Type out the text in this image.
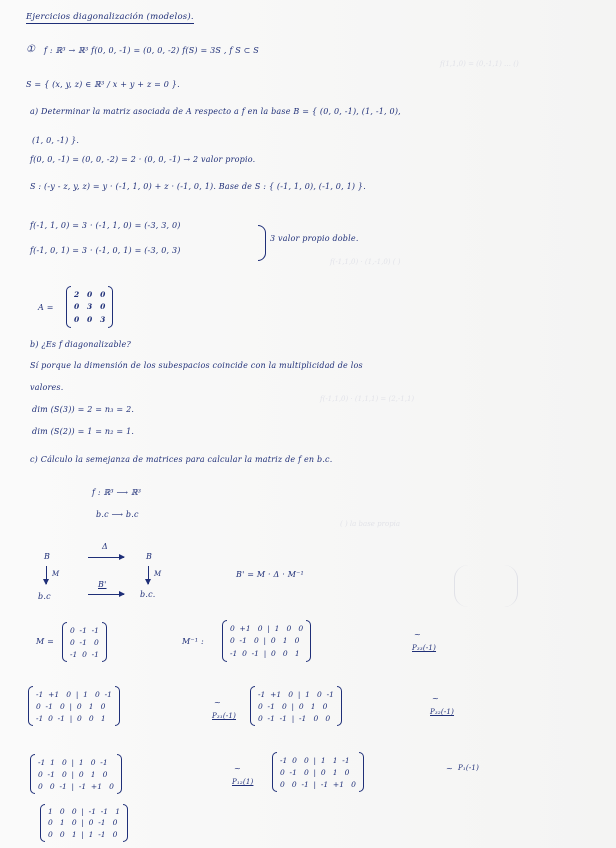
f(1,1,0) = (0,-1,1) … ()
f(-1,1,0) · (1,-1,0) ( )
f(-1,1,0) · (1,1,1) = (2,-1,1)
( ) la base propia
Ejercicios diagonalización (modelos).
① f : ℝ³ → ℝ³ f(0, 0, -1) = (0, 0, -2) f(S) = 3S , f S ⊂ S
S = { (x, y, z) ∈ ℝ³ / x + y + z = 0 }.
a) Determinar la matriz asociada de A respecto a f en la base B = { (0, 0, -1), (1, -1, 0),
(1, 0, -1) }.
f(0, 0, -1) = (0, 0, -2) = 2 · (0, 0, -1) → 2 valor propio.
S : (-y - z, y, z) = y · (-1, 1, 0) + z · (-1, 0, 1). Base de S : { (-1, 1, 0), (-1, 0, 1) }.
f(-1, 1, 0) = 3 · (-1, 1, 0) = (-3, 3, 0)
f(-1, 0, 1) = 3 · (-1, 0, 1) = (-3, 0, 3)
3 valor propio doble.
A =
2   0   0
0   3   0
0   0   3
b) ¿Es f diagonalizable?
Sí porque la dimensión de los subespacios coincide con la multiplicidad de los
valores.
dim (S(3)) = 2 = n₃ = 2.
dim (S(2)) = 1 = n₂ = 1.
c) Cálculo la semejanza de matrices para calcular la matriz de f en b.c.
f : ℝ³ ⟶ ℝ³
b.c ⟶ b.c
B
Δ
B
M	M
B'
b.c	b.c.
B' = M · Δ · M⁻¹
M =
0  -1  -1
0  -1   0
-1  0  -1
M⁻¹ :
0  +1   0  |  1   0   0
0  -1   0  |  0   1   0
-1  0  -1  |  0   0   1
~
P₃₃(-1)
-1  +1   0  |  1   0  -1
0  -1   0  |  0   1   0
-1  0  -1  |  0   0   1
~
P₃₁(-1)
-1  +1   0  |  1   0  -1
0  -1   0  |  0   1   0
0  -1  -1  |  -1   0   0
~
P₃₂(-1)
-1  1   0  |  1   0  -1
0  -1   0  |  0   1   0
0   0  -1  |  -1  +1   0
~
P₁₂(1)
-1  0   0  |  1   1  -1
0  -1   0  |  0   1   0
0   0  -1  |  -1  +1   0
~ P₁(-1)
1   0   0  |  -1  -1   1
0   1   0  |  0  -1   0
0   0   1  |  1  -1   0
